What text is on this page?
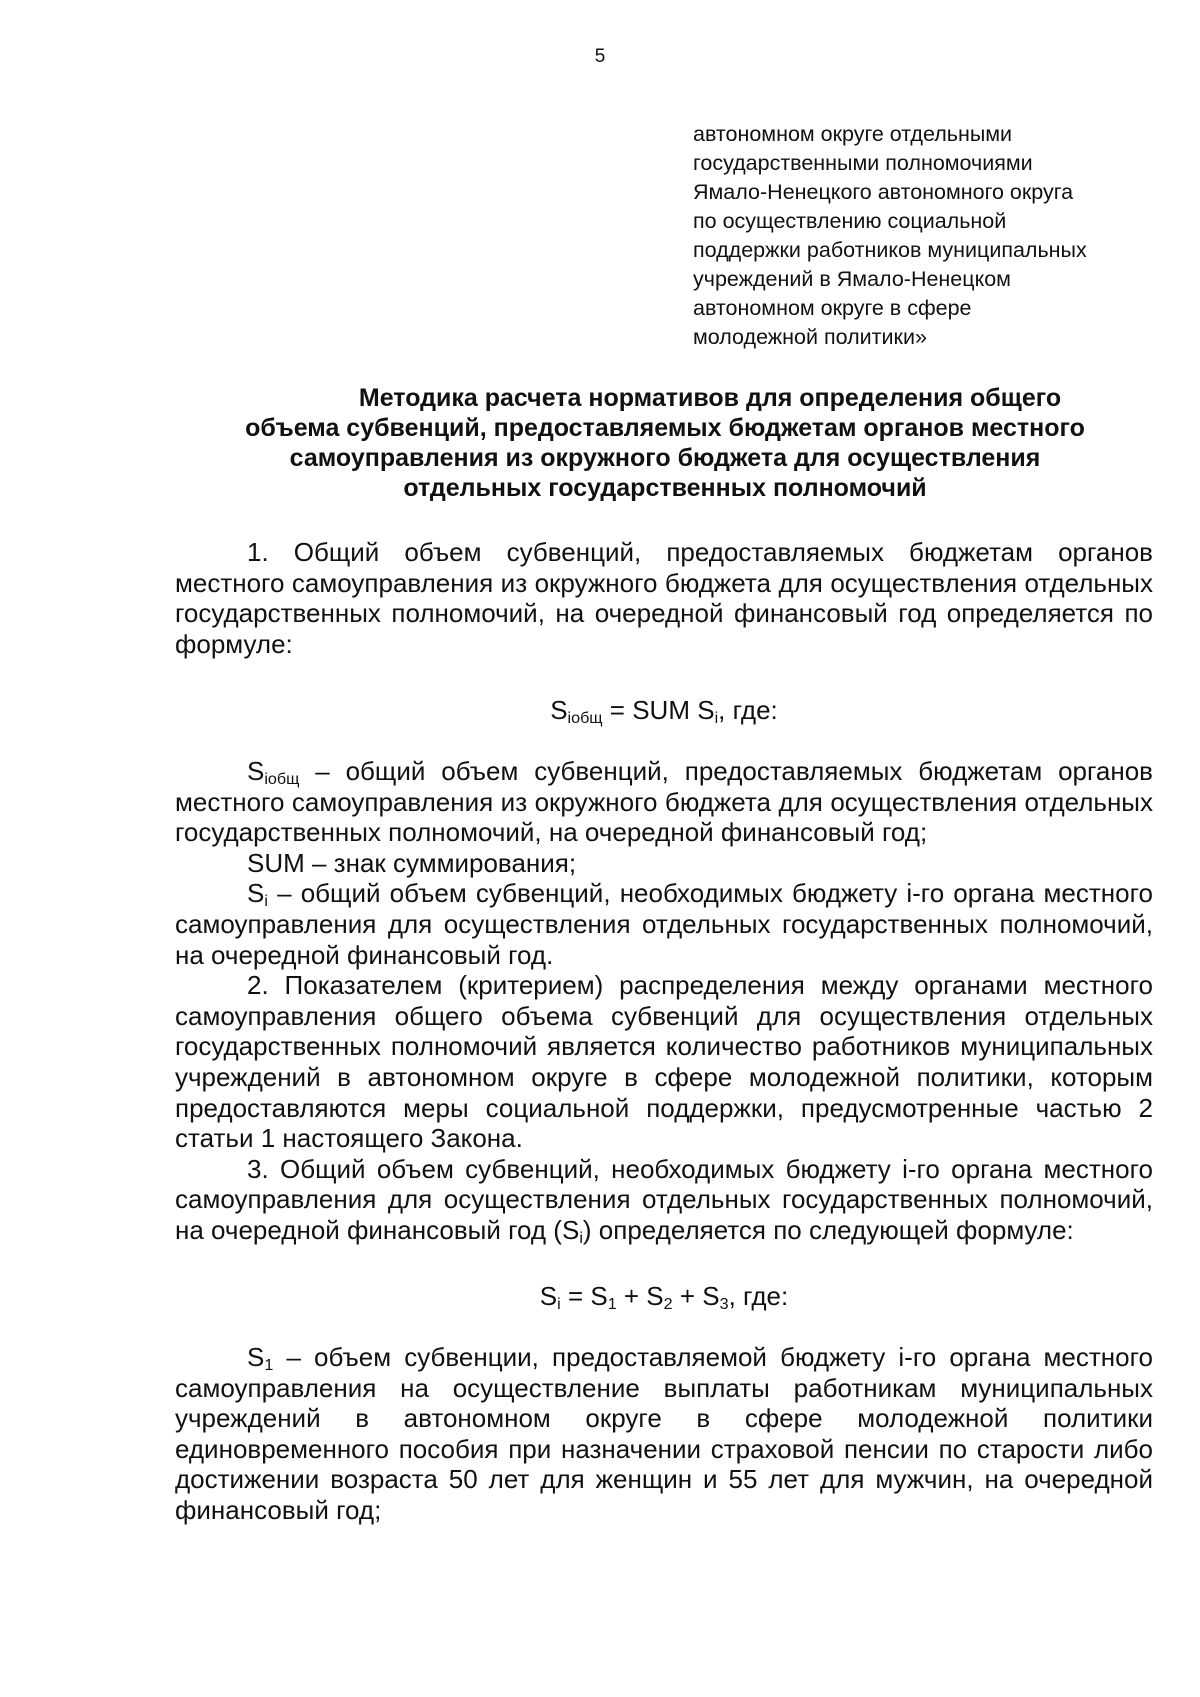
5
автономном округе отдельными
государственными полномочиями
Ямало-Ненецкого автономного округа
по осуществлению социальной
поддержки работников муниципальных
учреждений в Ямало-Ненецком
автономном округе в сфере
молодежной политики»
Методика расчета нормативов для определения общего
объема субвенций, предоставляемых бюджетам органов местного
самоуправления из окружного бюджета для осуществления
отдельных государственных полномочий

1. Общий объем субвенций, предоставляемых бюджетам органов местного самоуправления из окружного бюджета для осуществления отдельных государственных полномочий, на очередной финансовый год определяется по формуле:

$S_{iобщ}$ = SUM $S_i$, где:

$S_{iобщ}$ – общий объем субвенций, предоставляемых бюджетам органов местного самоуправления из окружного бюджета для осуществления отдельных государственных полномочий, на очередной финансовый год;

SUM – знак суммирования;

$S_i$ – общий объем субвенций, необходимых бюджету i-го органа местного самоуправления для осуществления отдельных государственных полномочий, на очередной финансовый год.

2. Показателем (критерием) распределения между органами местного самоуправления общего объема субвенций для осуществления отдельных государственных полномочий является количество работников муниципальных учреждений в автономном округе в сфере молодежной политики, которым предоставляются меры социальной поддержки, предусмотренные частью 2 статьи 1 настоящего Закона.

3. Общий объем субвенций, необходимых бюджету i-го органа местного самоуправления для осуществления отдельных государственных полномочий, на очередной финансовый год $(S_i)$ определяется по следующей формуле:

$S_i = S_1 + S_2 + S_3$, где:

$S_1$ – объем субвенции, предоставляемой бюджету i-го органа местного самоуправления на осуществление выплаты работникам муниципальных учреждений в автономном округе в сфере молодежной политики единовременного пособия при назначении страховой пенсии по старости либо достижении возраста 50 лет для женщин и 55 лет для мужчин, на очередной финансовый год;
